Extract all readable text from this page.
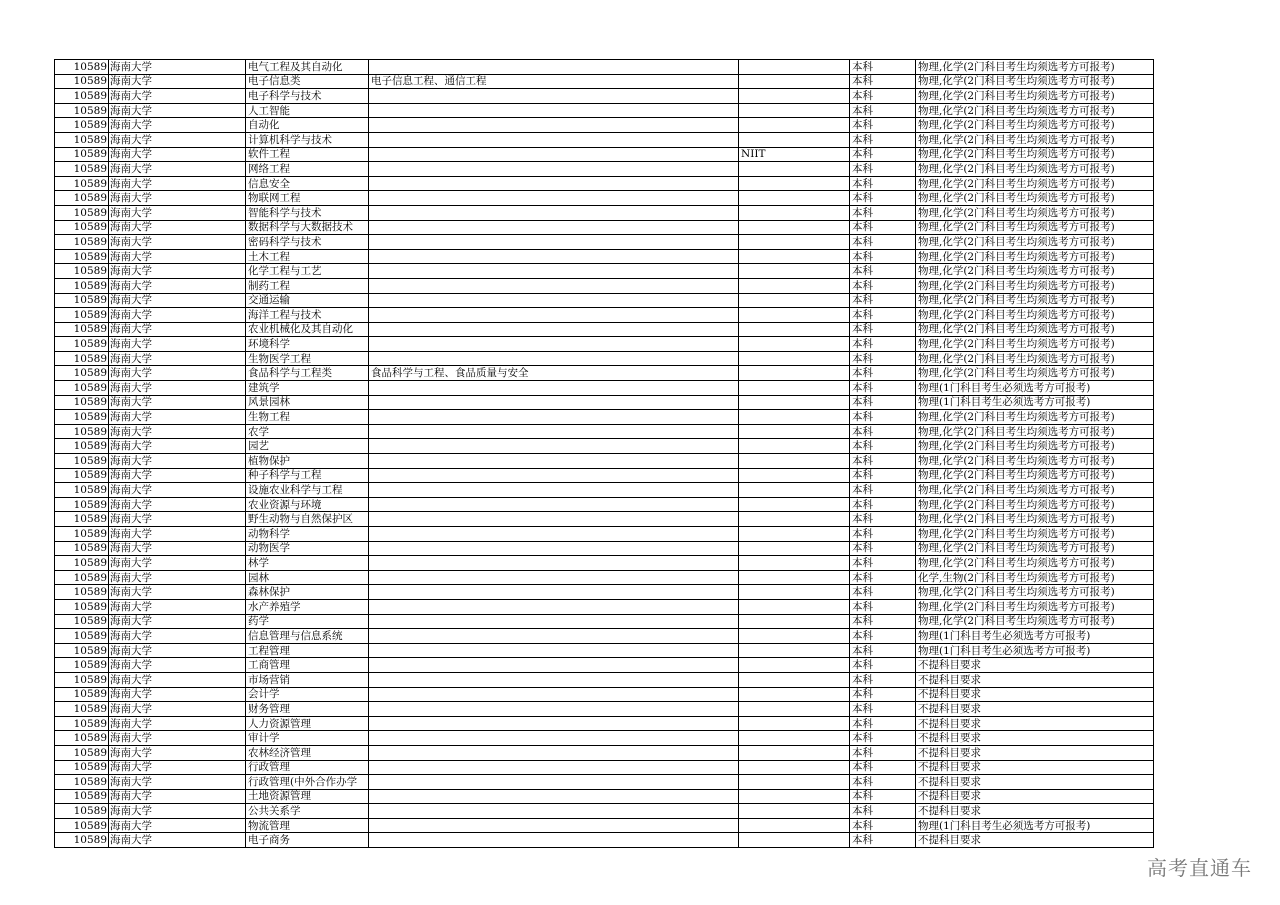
10589	海南大学	电气工程及其自动化			本科	物理,化学(2门科目考生均须选考方可报考)
10589	海南大学	电子信息类	电子信息工程、通信工程		本科	物理,化学(2门科目考生均须选考方可报考)
10589	海南大学	电子科学与技术			本科	物理,化学(2门科目考生均须选考方可报考)
10589	海南大学	人工智能			本科	物理,化学(2门科目考生均须选考方可报考)
10589	海南大学	自动化			本科	物理,化学(2门科目考生均须选考方可报考)
10589	海南大学	计算机科学与技术			本科	物理,化学(2门科目考生均须选考方可报考)
10589	海南大学	软件工程		NIIT	本科	物理,化学(2门科目考生均须选考方可报考)
10589	海南大学	网络工程			本科	物理,化学(2门科目考生均须选考方可报考)
10589	海南大学	信息安全			本科	物理,化学(2门科目考生均须选考方可报考)
10589	海南大学	物联网工程			本科	物理,化学(2门科目考生均须选考方可报考)
10589	海南大学	智能科学与技术			本科	物理,化学(2门科目考生均须选考方可报考)
10589	海南大学	数据科学与大数据技术			本科	物理,化学(2门科目考生均须选考方可报考)
10589	海南大学	密码科学与技术			本科	物理,化学(2门科目考生均须选考方可报考)
10589	海南大学	土木工程			本科	物理,化学(2门科目考生均须选考方可报考)
10589	海南大学	化学工程与工艺			本科	物理,化学(2门科目考生均须选考方可报考)
10589	海南大学	制药工程			本科	物理,化学(2门科目考生均须选考方可报考)
10589	海南大学	交通运输			本科	物理,化学(2门科目考生均须选考方可报考)
10589	海南大学	海洋工程与技术			本科	物理,化学(2门科目考生均须选考方可报考)
10589	海南大学	农业机械化及其自动化			本科	物理,化学(2门科目考生均须选考方可报考)
10589	海南大学	环境科学			本科	物理,化学(2门科目考生均须选考方可报考)
10589	海南大学	生物医学工程			本科	物理,化学(2门科目考生均须选考方可报考)
10589	海南大学	食品科学与工程类	食品科学与工程、食品质量与安全		本科	物理,化学(2门科目考生均须选考方可报考)
10589	海南大学	建筑学			本科	物理(1门科目考生必须选考方可报考)
10589	海南大学	风景园林			本科	物理(1门科目考生必须选考方可报考)
10589	海南大学	生物工程			本科	物理,化学(2门科目考生均须选考方可报考)
10589	海南大学	农学			本科	物理,化学(2门科目考生均须选考方可报考)
10589	海南大学	园艺			本科	物理,化学(2门科目考生均须选考方可报考)
10589	海南大学	植物保护			本科	物理,化学(2门科目考生均须选考方可报考)
10589	海南大学	种子科学与工程			本科	物理,化学(2门科目考生均须选考方可报考)
10589	海南大学	设施农业科学与工程			本科	物理,化学(2门科目考生均须选考方可报考)
10589	海南大学	农业资源与环境			本科	物理,化学(2门科目考生均须选考方可报考)
10589	海南大学	野生动物与自然保护区			本科	物理,化学(2门科目考生均须选考方可报考)
10589	海南大学	动物科学			本科	物理,化学(2门科目考生均须选考方可报考)
10589	海南大学	动物医学			本科	物理,化学(2门科目考生均须选考方可报考)
10589	海南大学	林学			本科	物理,化学(2门科目考生均须选考方可报考)
10589	海南大学	园林			本科	化学,生物(2门科目考生均须选考方可报考)
10589	海南大学	森林保护			本科	物理,化学(2门科目考生均须选考方可报考)
10589	海南大学	水产养殖学			本科	物理,化学(2门科目考生均须选考方可报考)
10589	海南大学	药学			本科	物理,化学(2门科目考生均须选考方可报考)
10589	海南大学	信息管理与信息系统			本科	物理(1门科目考生必须选考方可报考)
10589	海南大学	工程管理			本科	物理(1门科目考生必须选考方可报考)
10589	海南大学	工商管理			本科	不提科目要求
10589	海南大学	市场营销			本科	不提科目要求
10589	海南大学	会计学			本科	不提科目要求
10589	海南大学	财务管理			本科	不提科目要求
10589	海南大学	人力资源管理			本科	不提科目要求
10589	海南大学	审计学			本科	不提科目要求
10589	海南大学	农林经济管理			本科	不提科目要求
10589	海南大学	行政管理			本科	不提科目要求
10589	海南大学	行政管理(中外合作办学			本科	不提科目要求
10589	海南大学	土地资源管理			本科	不提科目要求
10589	海南大学	公共关系学			本科	不提科目要求
10589	海南大学	物流管理			本科	物理(1门科目考生必须选考方可报考)
10589	海南大学	电子商务			本科	不提科目要求
高考直通车
